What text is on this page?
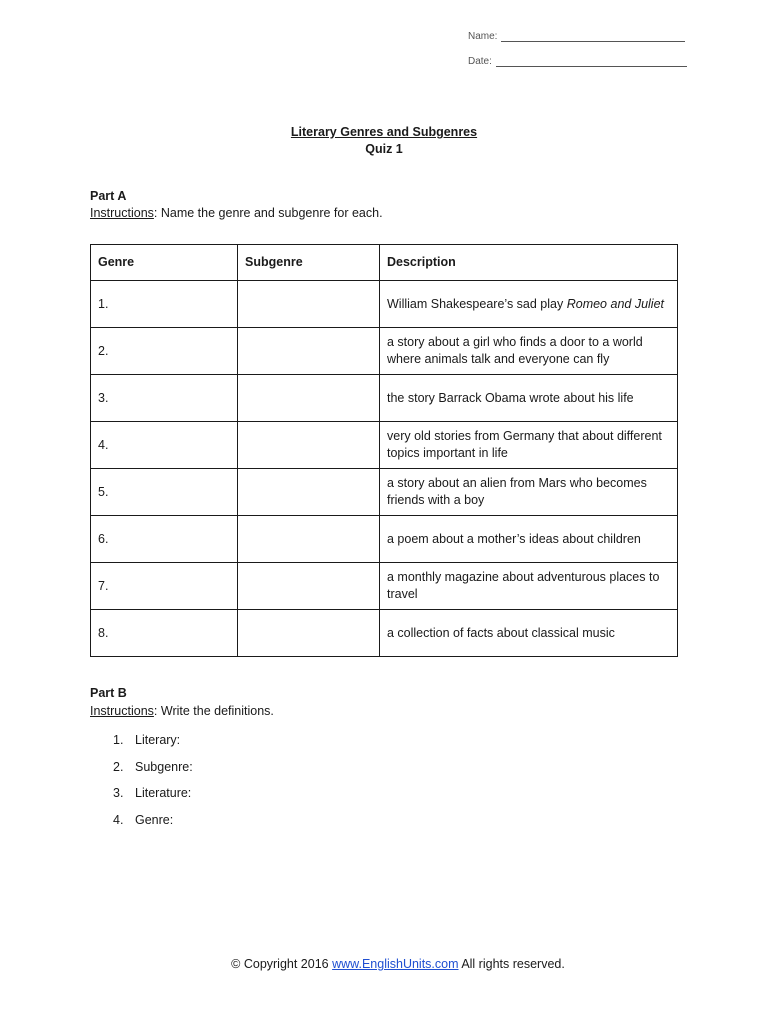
Name:
Date:
Literary Genres and Subgenres
Quiz 1
Part A
Instructions: Name the genre and subgenre for each.
Genre	Subgenre	Description
1.		William Shakespeare’s sad play Romeo and Juliet
2.		a story about a girl who finds a door to a world where animals talk and everyone can fly
3.		the story Barrack Obama wrote about his life
4.		very old stories from Germany that about different topics important in life
5.		a story about an alien from Mars who becomes friends with a boy
6.		a poem about a mother’s ideas about children
7.		a monthly magazine about adventurous places to travel
8.		a collection of facts about classical music
Part B
Instructions: Write the definitions.
1. Literary:
2. Subgenre:
3. Literature:
4. Genre:
© Copyright 2016 www.EnglishUnits.com All rights reserved.
